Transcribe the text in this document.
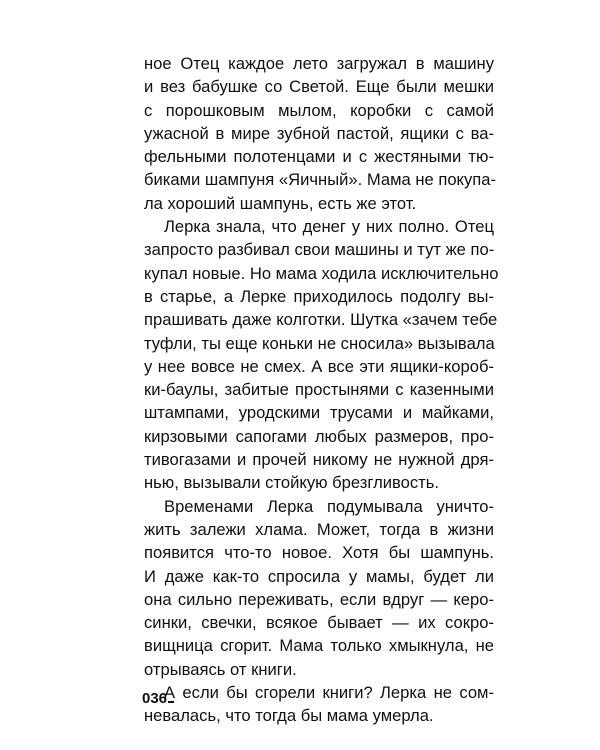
ное Отец каждое лето загружал в машину
и вез бабушке со Светой. Еще были мешки
с порошковым мылом, коробки с самой
ужасной в мире зубной пастой, ящики с ва-
фельными полотенцами и с жестяными тю-
биками шампуня «Яичный». Мама не покупа-
ла хороший шампунь, есть же этот.
Лерка знала, что денег у них полно. Отец
запросто разбивал свои машины и тут же по-
купал новые. Но мама ходила исключительно
в старье, а Лерке приходилось подолгу вы-
прашивать даже колготки. Шутка «зачем тебе
туфли, ты еще коньки не сносила» вызывала
у нее вовсе не смех. А все эти ящики-короб-
ки-баулы, забитые простынями с казенными
штампами, уродскими трусами и майками,
кирзовыми сапогами любых размеров, про-
тивогазами и прочей никому не нужной дря-
нью, вызывали стойкую брезгливость.
Временами Лерка подумывала уничто-
жить залежи хлама. Может, тогда в жизни
появится что-то новое. Хотя бы шампунь.
И даже как-то спросила у мамы, будет ли
она сильно переживать, если вдруг — керо-
синки, свечки, всякое бывает — их сокро-
вищница сгорит. Мама только хмыкнула, не
отрываясь от книги.
А если бы сгорели книги? Лерка не сом-
невалась, что тогда бы мама умерла.
036
